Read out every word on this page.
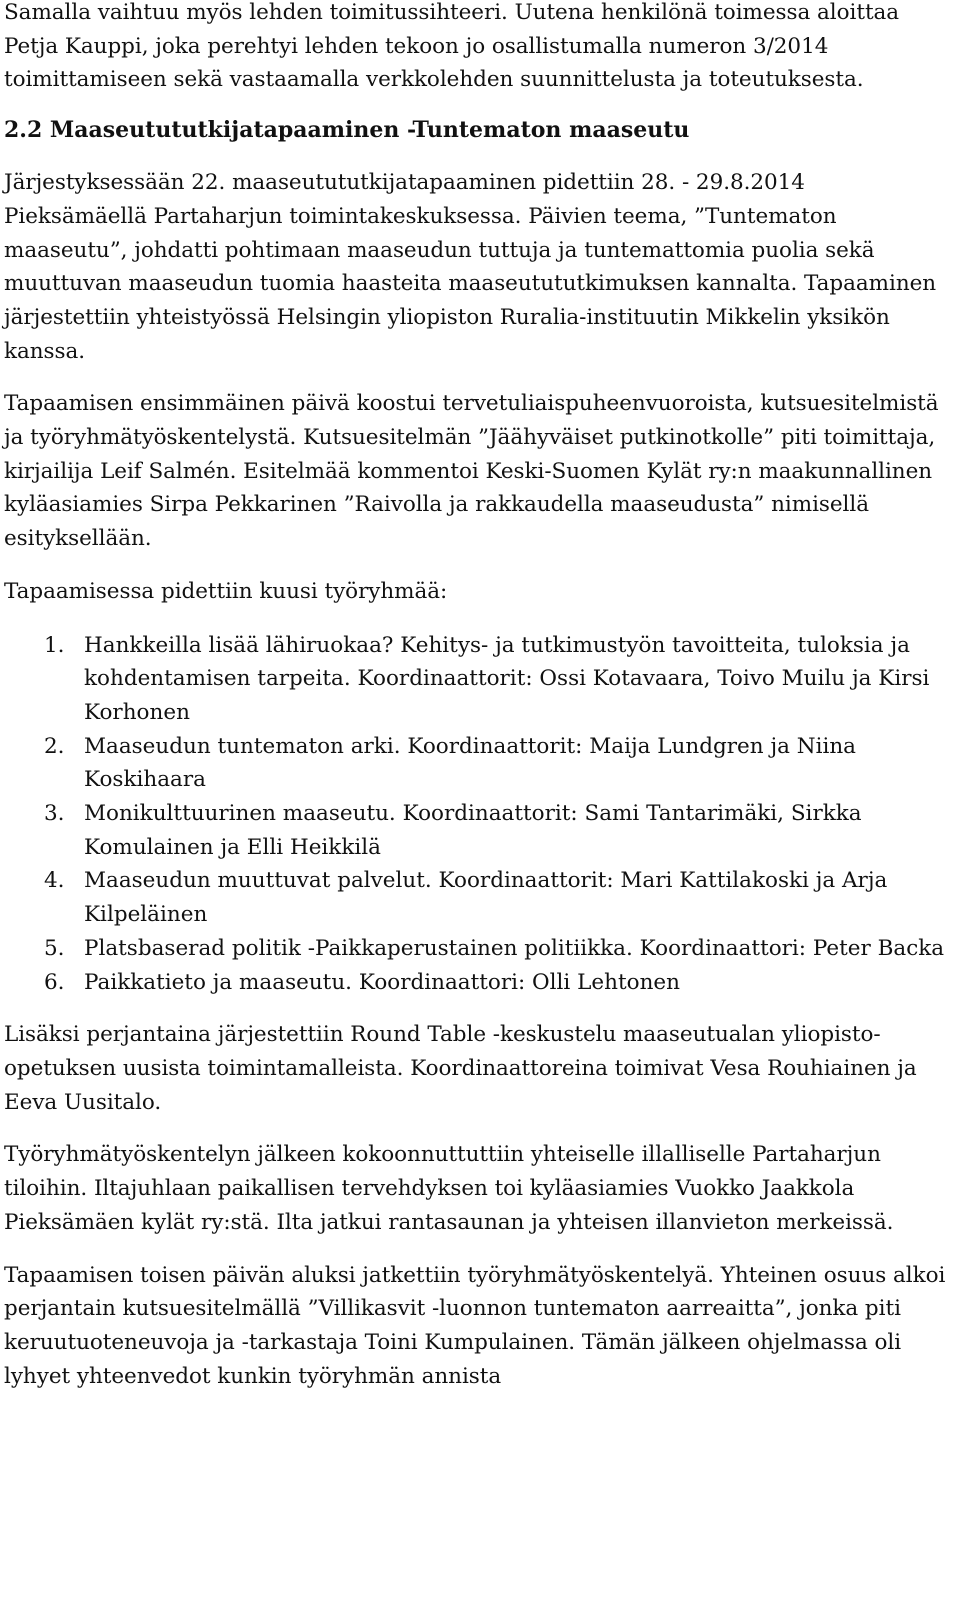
Samalla vaihtuu myös lehden toimitussihteeri. Uutena henkilönä toimessa aloittaa Petja Kauppi, joka perehtyi lehden tekoon jo osallistumalla numeron 3/2014 toimittamiseen sekä vastaamalla verkkolehden suunnittelusta ja toteutuksesta.

2.2 Maaseutututkijatapaaminen -Tuntematon maaseutu

Järjestyksessään 22. maaseutututkijatapaaminen pidettiin 28. - 29.8.2014 Pieksämäellä Partaharjun toimintakeskuksessa. Päivien teema, ”Tuntematon maaseutu”, johdatti pohtimaan maaseudun tuttuja ja tuntemattomia puolia sekä muuttuvan maaseudun tuomia haasteita maaseutututkimuksen kannalta. Tapaaminen järjestettiin yhteistyössä Helsingin yliopiston Ruralia-instituutin Mikkelin yksikön kanssa.

Tapaamisen ensimmäinen päivä koostui tervetuliaispuheenvuoroista, kutsuesitelmistä ja työryhmätyöskentelystä. Kutsuesitelmän ”Jäähyväiset putkinotkolle” piti toimittaja, kirjailija Leif Salmén. Esitelmää kommentoi Keski-Suomen Kylät ry:n maakunnallinen kyläasiamies Sirpa Pekkarinen ”Raivolla ja rakkaudella maaseudusta” nimisellä esityksellään.

Tapaamisessa pidettiin kuusi työryhmää:

1. Hankkeilla lisää lähiruokaa? Kehitys- ja tutkimustyön tavoitteita, tuloksia ja kohdentamisen tarpeita. Koordinaattorit: Ossi Kotavaara, Toivo Muilu ja Kirsi Korhonen
2. Maaseudun tuntematon arki. Koordinaattorit: Maija Lundgren ja Niina Koskihaara
3. Monikulttuurinen maaseutu. Koordinaattorit: Sami Tantarimäki, Sirkka Komulainen ja Elli Heikkilä
4. Maaseudun muuttuvat palvelut. Koordinaattorit: Mari Kattilakoski ja Arja Kilpeläinen
5. Platsbaserad politik -Paikkaperustainen politiikka. Koordinaattori: Peter Backa
6. Paikkatieto ja maaseutu. Koordinaattori: Olli Lehtonen

Lisäksi perjantaina järjestettiin Round Table -keskustelu maaseutualan yliopisto-opetuksen uusista toimintamalleista. Koordinaattoreina toimivat Vesa Rouhiainen ja Eeva Uusitalo.

Työryhmätyöskentelyn jälkeen kokoonnuttuttiin yhteiselle illalliselle Partaharjun tiloihin. Iltajuhlaan paikallisen tervehdyksen toi kyläasiamies Vuokko Jaakkola Pieksämäen kylät ry:stä. Ilta jatkui rantasaunan ja yhteisen illanvieton merkeissä.

Tapaamisen toisen päivän aluksi jatkettiin työryhmätyöskentelyä. Yhteinen osuus alkoi perjantain kutsuesitelmällä ”Villikasvit -luonnon tuntematon aarreaitta”, jonka piti keruutuoteneuvoja ja -tarkastaja Toini Kumpulainen. Tämän jälkeen ohjelmassa oli lyhyet yhteenvedot kunkin työryhmän annista
